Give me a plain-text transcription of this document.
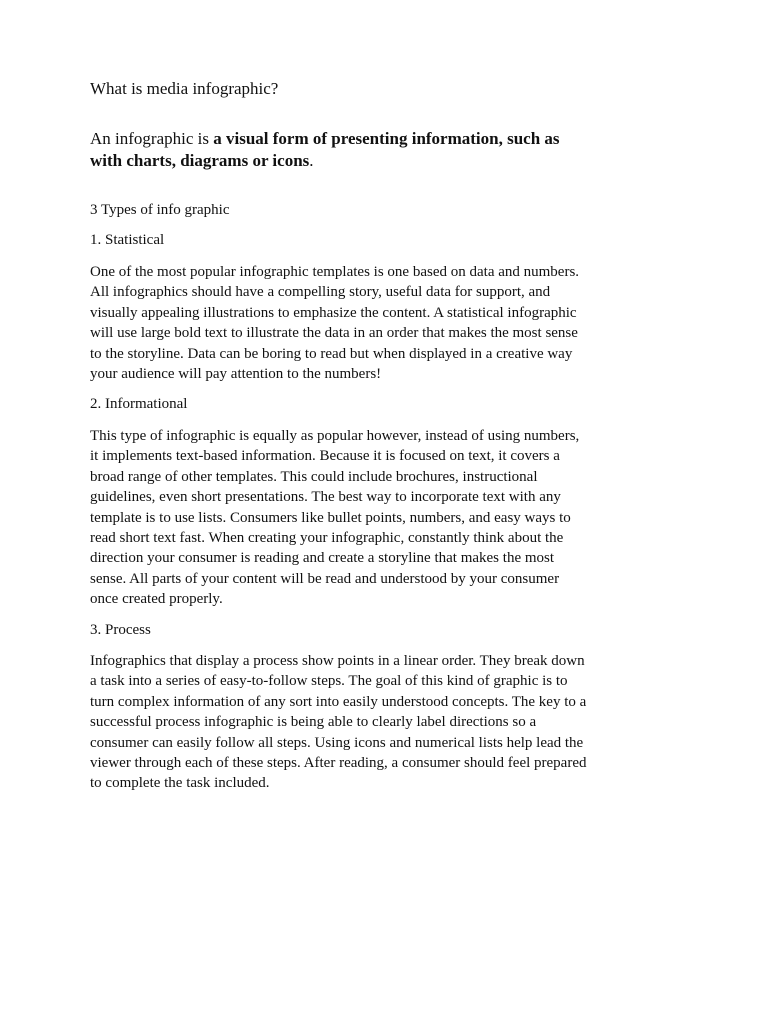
What is media infographic?

An infographic is a visual form of presenting information, such as
with charts, diagrams or icons.

3 Types of info graphic

1. Statistical

One of the most popular infographic templates is one based on data and numbers.
All infographics should have a compelling story, useful data for support, and
visually appealing illustrations to emphasize the content. A statistical infographic
will use large bold text to illustrate the data in an order that makes the most sense
to the storyline. Data can be boring to read but when displayed in a creative way
your audience will pay attention to the numbers!

2. Informational

This type of infographic is equally as popular however, instead of using numbers,
it implements text-based information. Because it is focused on text, it covers a
broad range of other templates. This could include brochures, instructional
guidelines, even short presentations. The best way to incorporate text with any
template is to use lists. Consumers like bullet points, numbers, and easy ways to
read short text fast. When creating your infographic, constantly think about the
direction your consumer is reading and create a storyline that makes the most
sense. All parts of your content will be read and understood by your consumer
once created properly.

3. Process

Infographics that display a process show points in a linear order. They break down
a task into a series of easy-to-follow steps. The goal of this kind of graphic is to
turn complex information of any sort into easily understood concepts. The key to a
successful process infographic is being able to clearly label directions so a
consumer can easily follow all steps. Using icons and numerical lists help lead the
viewer through each of these steps. After reading, a consumer should feel prepared
to complete the task included.
